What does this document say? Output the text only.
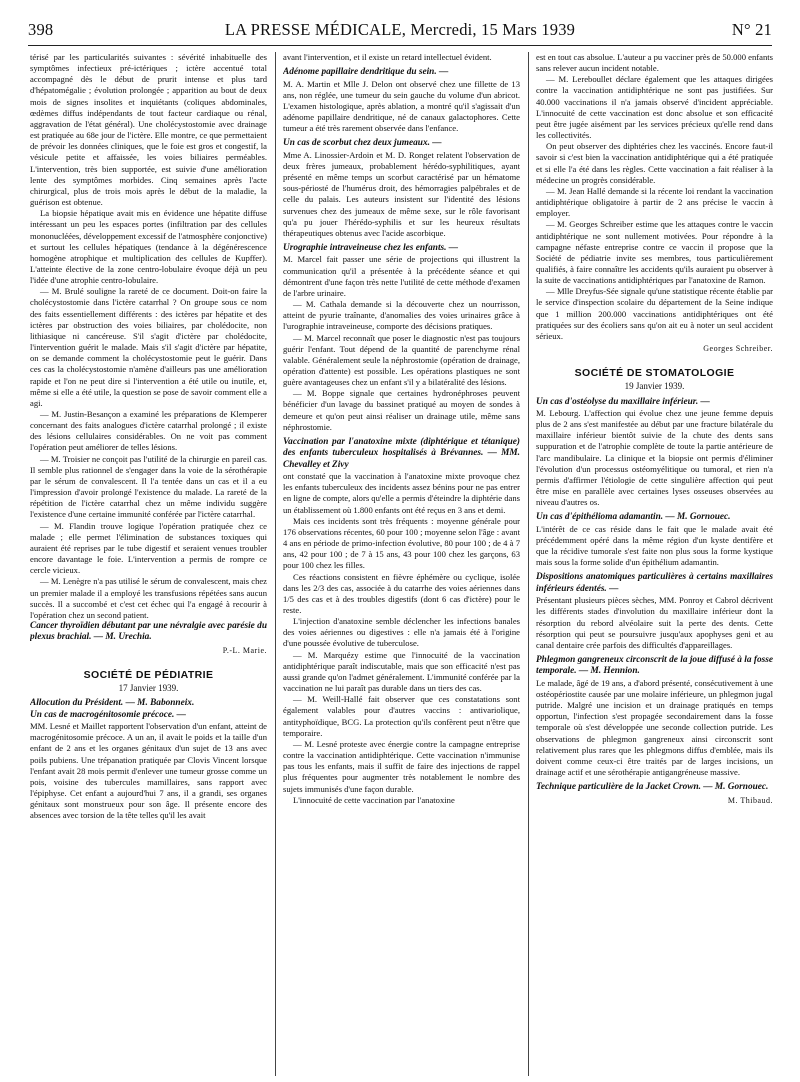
398	LA PRESSE MÉDICALE, Mercredi, 15 Mars 1939	N° 21

térisé par les particularités suivantes : sévérité inhabituelle des symptômes infectieux pré-ictériques ; ictère accentué total accompagné dès le début de prurit intense et plus tard d'hépatomégalie ; évolution prolongée ; apparition au bout de deux mois de signes insolites et inquiétants (coliques abdominales, œdèmes diffus indépendants de tout facteur cardiaque ou rénal, aggravation de l'état général). Une cholécystostomie avec drainage est pratiquée au 68e jour de l'ictère. Elle montre, ce que permettaient de prévoir les données cliniques, que le foie est gros et congestif, la vésicule petite et affaissée, les voies biliaires perméables. L'intervention, très bien supportée, est suivie d'une amélioration lente des symptômes morbides. Cinq semaines après l'acte chirurgical, plus de trois mois après le début de la maladie, la guérison est obtenue.

La biopsie hépatique avait mis en évidence une hépatite diffuse intéressant un peu les espaces portes (infiltration par des cellules mononucléées, développement excessif de l'atmosphère conjonctive) et surtout les cellules hépatiques (tendance à la dégénérescence homogène atrophique et multiplication des cellules de Kupffer). L'atteinte élective de la zone centro-lobulaire évoque déjà un peu l'idée d'une atrophie centro-lobulaire.

— M. Brulé souligne la rareté de ce document. Doit-on faire la cholécystostomie dans l'ictère catarrhal ? On groupe sous ce nom des faits essentiellement différents : des ictères par hépatite et des ictères par obstruction des voies biliaires, par cholédocite, non lithiasique ni cancéreuse. S'il s'agit d'ictère par cholédocite, l'intervention guérit le malade. Mais s'il s'agit d'ictère par hépatite, on se demande comment la cholécystostomie peut le guérir. Dans ces cas la cholécystostomie n'amène d'ailleurs pas une amélioration rapide et l'on ne peut dire si l'intervention a été utile ou inutile, et, même si elle a été utile, la question se pose de savoir comment elle a agi.

— M. Justin-Besançon a examiné les préparations de Klemperer concernant des faits analogues d'ictère catarrhal prolongé ; il existe des lésions cellulaires considérables. On ne voit pas comment l'opération peut améliorer de telles lésions.

— M. Troisier ne conçoit pas l'utilité de la chirurgie en pareil cas. Il semble plus rationnel de s'engager dans la voie de la sérothérapie par le sérum de convalescent. Il l'a tentée dans un cas et il a eu l'impression d'avoir prolongé l'existence du malade. La rareté de la répétition de l'ictère catarrhal chez un même individu suggère l'existence d'une certaine immunité conférée par l'ictère catarrhal.

— M. Flandin trouve logique l'opération pratiquée chez ce malade ; elle permet l'élimination de substances toxiques qui auraient été reprises par le tube digestif et seraient venues troubler encore davantage le foie. L'intervention a permis de rompre ce cercle vicieux.

— M. Lenègre n'a pas utilisé le sérum de convalescent, mais chez un premier malade il a employé les transfusions répétées sans aucun succès. Il a succombé et c'est cet échec qui l'a engagé à recourir à l'opération chez un second patient.

Cancer thyroïdien débutant par une névralgie avec parésie du plexus brachial. — M. Urechia.

P.-L. Marie.

SOCIÉTÉ DE PÉDIATRIE

17 Janvier 1939.

Allocution du Président. — M. Babonneix.

Un cas de macrogénitosomie précoce. —

MM. Lesné et Maillet rapportent l'observation d'un enfant, atteint de macrogénitosomie précoce. A un an, il avait le poids et la taille d'un enfant de 2 ans et les organes génitaux d'un sujet de 13 ans avec poils pubiens. Une trépanation pratiquée par Clovis Vincent lorsque l'enfant avait 28 mois permit d'enlever une tumeur grosse comme un pois, voisine des tubercules mamillaires, sans rapport avec l'épiphyse. Cet enfant a aujourd'hui 7 ans, il a grandi, ses organes génitaux sont monstrueux pour son âge. Il présente encore des absences avec torsion de la tête telles qu'il les avait

avant l'intervention, et il existe un retard intellectuel évident.

Adénome papillaire dendritique du sein. —

M. A. Martin et Mlle J. Delon ont observé chez une fillette de 13 ans, non réglée, une tumeur du sein gauche du volume d'un abricot. L'examen histologique, après ablation, a montré qu'il s'agissait d'un adénome papillaire dendritique, né de canaux galactophores. Cette tumeur a été très rarement observée dans l'enfance.

Un cas de scorbut chez deux jumeaux. —

Mme A. Linossier-Ardoin et M. D. Ronget relatent l'observation de deux frères jumeaux, probablement hérédo-syphilitiques, ayant présenté en même temps un scorbut caractérisé par un hématome sous-périosté de l'humérus droit, des hémorragies palpébrales et de celle du palais. Les auteurs insistent sur l'identité des lésions survenues chez des jumeaux de même sexe, sur le rôle favorisant qu'a pu jouer l'hérédo-syphilis et sur les heureux résultats thérapeutiques obtenus avec l'acide ascorbique.

Urographie intraveineuse chez les enfants. —

M. Marcel fait passer une série de projections qui illustrent la communication qu'il a présentée à la précédente séance et qui démontrent d'une façon très nette l'utilité de cette méthode d'examen de l'arbre urinaire.

— M. Cathala demande si la découverte chez un nourrisson, atteint de pyurie traînante, d'anomalies des voies urinaires grâce à l'urographie intraveineuse, comporte des décisions pratiques.

— M. Marcel reconnaît que poser le diagnostic n'est pas toujours guérir l'enfant. Tout dépend de la quantité de parenchyme rénal valable. Généralement seule la néphrostomie (opération de drainage, opération d'attente) est possible. Les opérations plastiques ne sont guère avantageuses chez un enfant s'il y a bilatéralité des lésions.

— M. Boppe signale que certaines hydronéphroses peuvent bénéficier d'un lavage du bassinet pratiqué au moyen de sondes à demeure et qu'on peut ainsi réaliser un drainage utile, même sans néphrostomie.

Vaccination par l'anatoxine mixte (diphtérique et tétanique) des enfants tuberculeux hospitalisés à Brévannes. — MM. Chevalley et Zivy

ont constaté que la vaccination à l'anatoxine mixte provoque chez les enfants tuberculeux des incidents assez bénins pour ne pas entrer en ligne de compte, alors qu'elle a permis d'éteindre la diphtérie dans un établissement où 1.800 enfants ont été reçus en 3 ans et demi.

Mais ces incidents sont très fréquents : moyenne générale pour 176 observations récentes, 60 pour 100 ; moyenne selon l'âge : avant 4 ans en période de primo-infection évolutive, 80 pour 100 ; de 4 à 7 ans, 42 pour 100 ; de 7 à 15 ans, 43 pour 100 chez les garçons, 63 pour 100 chez les filles.

Ces réactions consistent en fièvre éphémère ou cyclique, isolée dans les 2/3 des cas, associée à du catarrhe des voies aériennes dans 1/5 des cas et à des troubles digestifs (dont 6 cas d'ictère) pour le reste.

L'injection d'anatoxine semble déclencher les infections banales des voies aériennes ou digestives : elle n'a jamais été à l'origine d'une poussée évolutive de tuberculose.

— M. Marquézy estime que l'innocuité de la vaccination antidiphtérique paraît indiscutable, mais que son efficacité n'est pas aussi grande qu'on l'admet généralement. L'immunité conférée par la vaccination ne lui paraît pas durable dans un tiers des cas.

— M. Weill-Hallé fait observer que ces constatations sont également valables pour d'autres vaccins : antivariolique, antityphoïdique, BCG. La protection qu'ils confèrent peut n'être que temporaire.

— M. Lesné proteste avec énergie contre la campagne entreprise contre la vaccination antidiphtérique. Cette vaccination n'immunise pas tous les enfants, mais il suffit de faire des injections de rappel plus fréquentes pour augmenter très notablement le nombre des sujets immunisés d'une façon durable.

L'innocuité de cette vaccination par l'anatoxine

est en tout cas absolue. L'auteur a pu vacciner près de 50.000 enfants sans relever aucun incident notable.

— M. Lereboullet déclare également que les attaques dirigées contre la vaccination antidiphtérique ne sont pas justifiées. Sur 40.000 vaccinations il n'a jamais observé d'incident appréciable. L'innocuité de cette vaccination est donc absolue et son efficacité peut être jugée aisément par les services précieux qu'elle rend dans les collectivités.

On peut observer des diphtéries chez les vaccinés. Encore faut-il savoir si c'est bien la vaccination antidiphtérique qui a été pratiquée et si elle l'a été dans les règles. Cette vaccination a fait réaliser à la médecine un progrès considérable.

— M. Jean Hallé demande si la récente loi rendant la vaccination antidiphtérique obligatoire à partir de 2 ans précise le vaccin à employer.

— M. Georges Schreiber estime que les attaques contre le vaccin antidiphtérique ne sont nullement motivées. Pour répondre à la campagne néfaste entreprise contre ce vaccin il propose que la Société de pédiatrie invite ses membres, tous particulièrement qualifiés, à faire connaître les accidents qu'ils auraient pu observer à la suite de vaccinations antidiphtériques par l'anatoxine de Ramon.

— Mlle Dreyfus-Sée signale qu'une statistique récente établie par le service d'inspection scolaire du département de la Seine indique que 1 million 200.000 vaccinations antidiphtériques ont été pratiquées sur des écoliers sans qu'on ait eu à noter un seul accident sérieux.

Georges Schreiber.

SOCIÉTÉ DE STOMATOLOGIE

19 Janvier 1939.

Un cas d'ostéolyse du maxillaire inférieur. —

M. Lebourg. L'affection qui évolue chez une jeune femme depuis plus de 2 ans s'est manifestée au début par une fracture bilatérale du maxillaire inférieur bientôt suivie de la chute des dents sans suppuration et de l'atrophie complète de toute la partie antérieure de l'arc mandibulaire. La clinique et la biopsie ont permis d'éliminer l'évolution d'un processus ostéomyélitique ou tumoral, et rien n'a permis d'affirmer l'étiologie de cette singulière affection qui peut être mise en parallèle avec certaines lyses osseuses observées au niveau d'autres os.

Un cas d'épithélioma adamantin. — M. Gornouec.

L'intérêt de ce cas réside dans le fait que le malade avait été précédemment opéré dans la même région d'un kyste dentifère et que la récidive tumorale s'est faite non plus sous la forme kystique mais sous la forme solide d'un épithélium adamantin.

Dispositions anatomiques particulières à certains maxillaires inférieurs édentés. —

Présentant plusieurs pièces sèches, MM. Ponroy et Cabrol décrivent les différents stades d'involution du maxillaire inférieur dont la résorption du rebord alvéolaire suit la perte des dents. Cette résorption qui peut se poursuivre jusqu'aux apophyses geni et au canal dentaire crée parfois des difficultés d'appareillages.

Phlegmon gangreneux circonscrit de la joue diffusé à la fosse temporale. — M. Hennion.

Le malade, âgé de 19 ans, a d'abord présenté, consécutivement à une ostéopériostite causée par une molaire inférieure, un phlegmon jugal putride. Malgré une incision et un drainage pratiqués en temps opportun, l'infection s'est propagée secondairement dans la fosse temporale où s'est développée une seconde collection putride. Les observations de phlegmon gangreneux ainsi circonscrit sont relativement plus rares que les phlegmons diffus d'emblée, mais ils doivent comme ceux-ci être traités par de larges incisions, un drainage actif et une sérothérapie antigangréneuse massive.

Technique particulière de la Jacket Crown. — M. Gornouec.

M. Thibaud.
